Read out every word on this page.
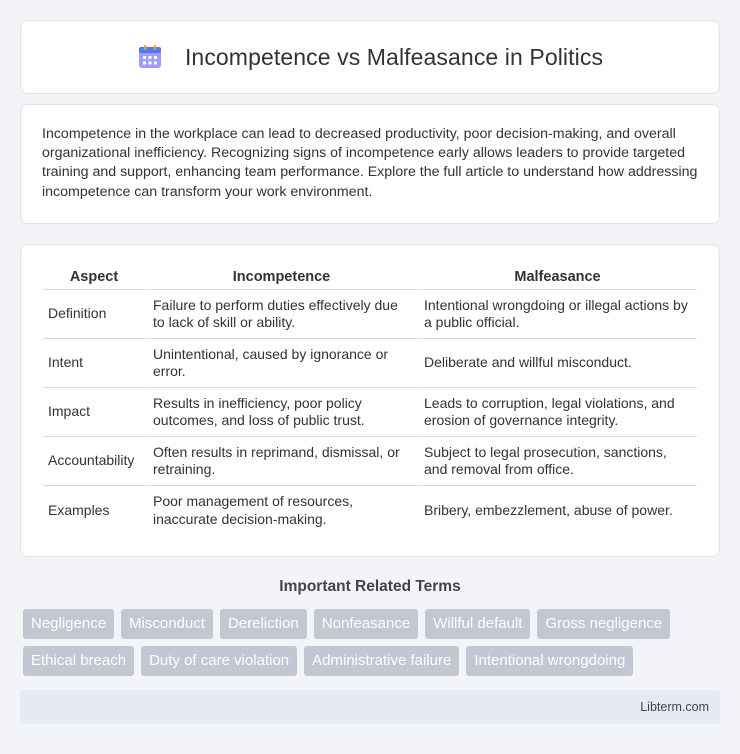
Incompetence vs Malfeasance in Politics

Incompetence in the workplace can lead to decreased productivity, poor decision-making, and overall organizational inefficiency. Recognizing signs of incompetence early allows leaders to provide targeted training and support, enhancing team performance. Explore the full article to understand how addressing incompetence can transform your work environment.

Aspect	Incompetence	Malfeasance
Definition	Failure to perform duties effectively due to lack of skill or ability.	Intentional wrongdoing or illegal actions by a public official.
Intent	Unintentional, caused by ignorance or error.	Deliberate and willful misconduct.
Impact	Results in inefficiency, poor policy outcomes, and loss of public trust.	Leads to corruption, legal violations, and erosion of governance integrity.
Accountability	Often results in reprimand, dismissal, or retraining.	Subject to legal prosecution, sanctions, and removal from office.
Examples	Poor management of resources, inaccurate decision-making.	Bribery, embezzlement, abuse of power.
Important Related Terms
Negligence	Misconduct	Dereliction	Nonfeasance	Willful default	Gross negligence
Ethical breach	Duty of care violation	Administrative failure	Intentional wrongdoing
Libterm.com
